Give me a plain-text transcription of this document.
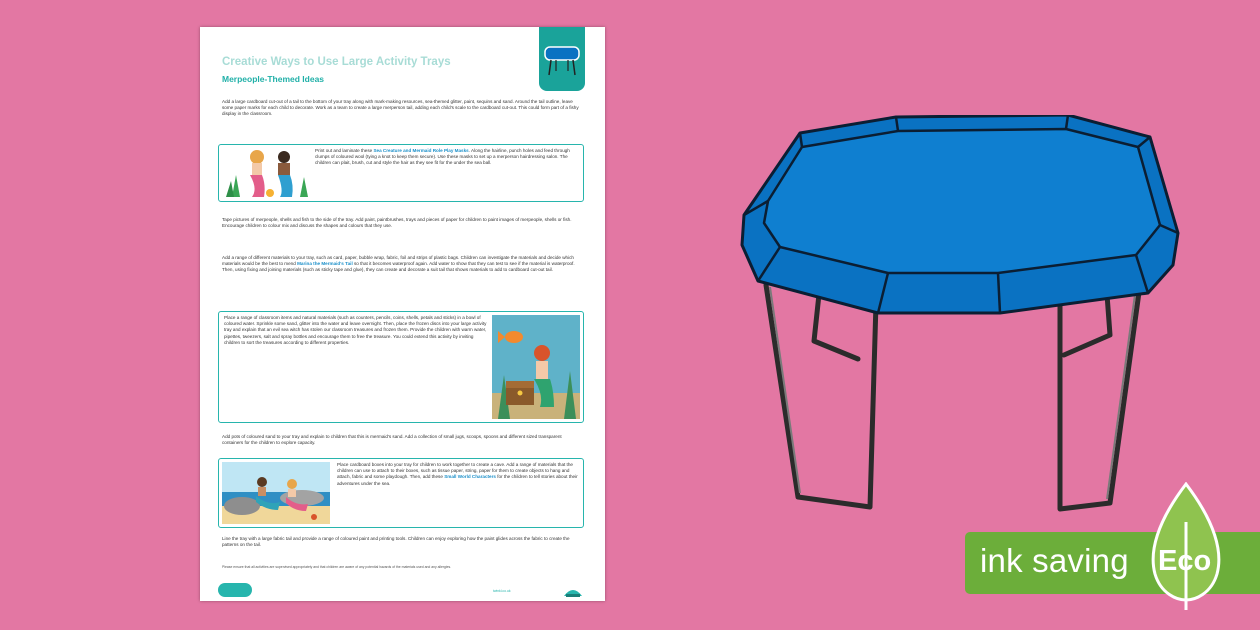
Creative Ways to Use Large Activity Trays
Merpeople-Themed Ideas

Add a large cardboard cut-out of a tail to the bottom of your tray along with mark-making resources, sea-themed glitter, paint, sequins and sand. Around the tail outline, leave some paper marks for each child to decorate. Work as a team to create a large merperson tail, adding each child's scale to the cardboard cut-out. This could form part of a fishy display in the classroom.

Print out and laminate these Sea Creature and Mermaid Role Play Masks. Along the hairline, punch holes and feed through clumps of coloured wool (tying a knot to keep them secure). Use these masks to set up a merperson hairdressing salon. The children can plait, brush, cut and style the hair as they see fit for the under the sea ball.

Tape pictures of merpeople, shells and fish to the side of the tray. Add paint, paintbrushes, trays and pieces of paper for children to paint images of merpeople, shells or fish. Encourage children to colour mix and discuss the shapes and colours that they use.

Add a range of different materials to your tray, such as card, paper, bubble wrap, fabric, foil and strips of plastic bags. Children can investigate the materials and decide which materials would be the best to mend Marina the Mermaid's Tail so that it becomes waterproof again. Add water to show that they can test to see if the material is waterproof. Then, using fixing and joining materials (such as sticky tape and glue), they can create and decorate a suit tail that shows materials to add to cardboard cut-out tail.

Place a range of classroom items and natural materials (such as counters, pencils, coins, shells, petals and sticks) in a bowl of coloured water. Sprinkle some sand, glitter into the water and leave overnight. Then, place the frozen discs into your large activity tray and explain that an evil sea witch has stolen our classroom treasures and frozen them. Provide the children with warm water, pipettes, tweezers, salt and spray bottles and encourage them to free the treasure. You could extend this activity by inviting children to sort the treasures according to different properties.

Add pots of coloured sand to your tray and explain to children that this is mermaid's sand. Add a collection of small jugs, scoops, spoons and different sized transparent containers for the children to explore capacity.

Place cardboard boxes into your tray for children to work together to create a cave. Add a range of materials that the children can use to attach to their boxes, such as tissue paper, string, paper for them to create objects to hang and attach, fabric and some playdough. Then, add these Small World Characters for the children to tell stories about their adventures under the sea.

Line the tray with a large fabric tail and provide a range of coloured paint and printing tools. Children can enjoy exploring how the paint glides across the fabric to create the patterns on the tail.

Please ensure that all activities are supervised appropriately and that children are aware of any potential hazards of the materials used and any allergies.

twinkl.co.uk
ink saving Eco
